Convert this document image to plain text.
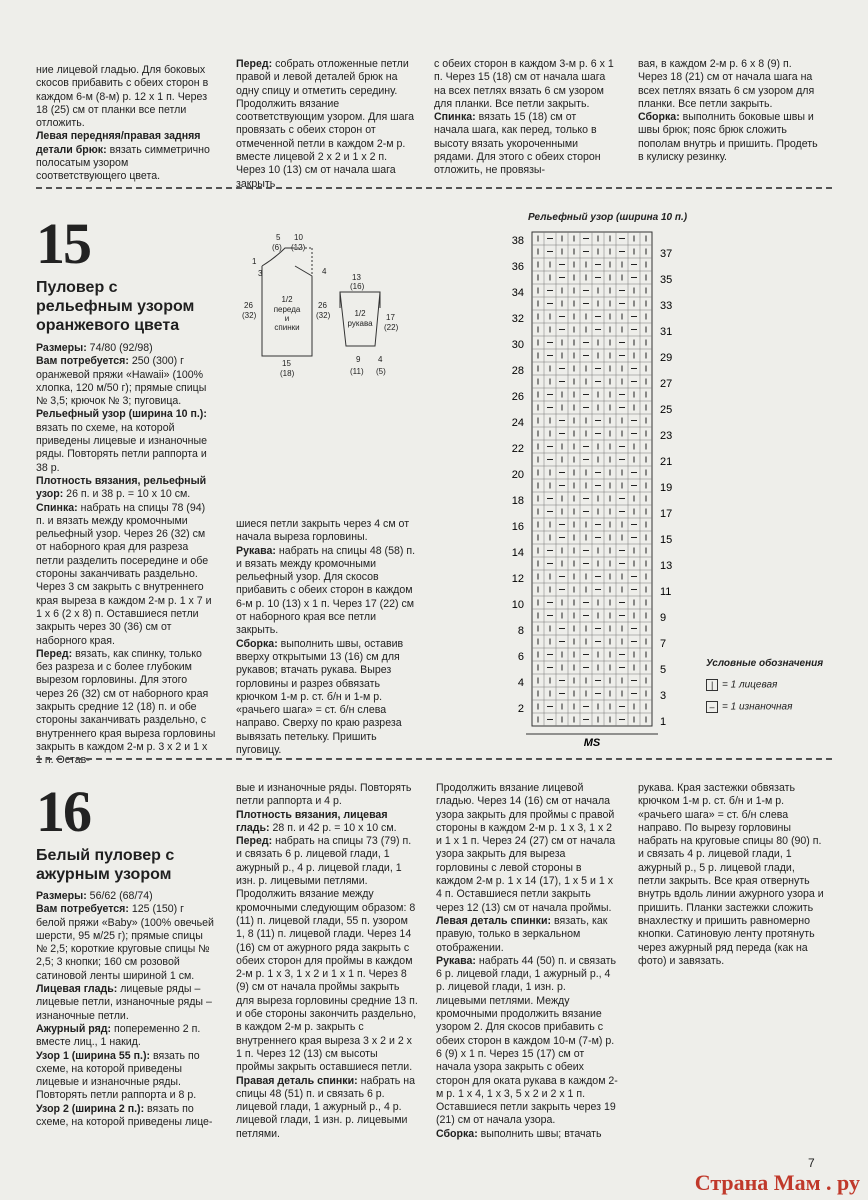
ние лицевой гладью. Для боковых скосов прибавить с обеих сторон в каждом 6-м (8-м) р. 12 х 1 п. Через 18 (25) см от планки все петли отложить.

Левая передняя/правая задняя детали брюк: вязать симметрично полосатым узором соответствующего цвета.

Перед: собрать отложенные петли правой и левой деталей брюк на одну спицу и отметить середину. Продолжить вязание соответствующим узором. Для шага провязать с обеих сторон от отмеченной петли в каждом 2-м р. вместе лицевой 2 х 2 и 1 х 2 п. Через 10 (13) см от начала шага закрыть

с обеих сторон в каждом 3-м р. 6 х 1 п. Через 15 (18) см от начала шага на всех петлях вязать 6 см узором для планки. Все петли закрыть.

Спинка: вязать 15 (18) см от начала шага, как перед, только в высоту вязать укороченными рядами. Для этого с обеих сторон отложить, не провязы-

вая, в каждом 2-м р. 6 х 8 (9) п. Через 18 (21) см от начала шага на всех петлях вязать 6 см узором для планки. Все петли закрыть.

Сборка: выполнить боковые швы и швы брюк; пояс брюк сложить пополам внутрь и пришить. Продеть в кулиску резинку.

15
Пуловер с рельефным узором оранжевого цвета

Размеры: 74/80 (92/98)

Вам потребуется: 250 (300) г оранжевой пряжи «Hawaii» (100% хлопка, 120 м/50 г); прямые спицы № 3,5; крючок № 3; пуговица.

Рельефный узор (ширина 10 п.): вязать по схеме, на которой приведены лицевые и изнаночные ряды. Повторять петли раппорта и 38 р.

Плотность вязания, рельефный узор: 26 п. и 38 р. = 10 х 10 см.

Спинка: набрать на спицы 78 (94) п. и вязать между кромочными рельефный узор. Через 26 (32) см от наборного края для разреза петли разделить посередине и обе стороны заканчивать раздельно. Через 3 см закрыть с внутреннего края выреза в каждом 2-м р. 1 х 7 и 1 х 6 (2 х 8) п. Оставшиеся петли закрыть через 30 (36) см от наборного края.

Перед: вязать, как спинку, только без разреза и с более глубоким вырезом горловины. Для этого через 26 (32) см от наборного края закрыть средние 12 (18) п. и обе стороны заканчивать раздельно, с внутреннего края выреза горловины закрыть в каждом 2-м р. 3 х 2 и 1 х 1 п. Остав-

шиеся петли закрыть через 4 см от начала выреза горловины.

Рукава: набрать на спицы 48 (58) п. и вязать между кромочными рельефный узор. Для скосов прибавить с обеих сторон в каждом 6-м р. 10 (13) х 1 п. Через 17 (22) см от наборного края все петли закрыть.

Сборка: выполнить швы, оставив вверху открытыми 13 (16) см для рукавов; втачать рукава. Вырез горловины и разрез обвязать крючком 1-м р. ст. б/н и 1-м р. «рачьего шага» = ст. б/н слева направо. Сверху по краю разреза вывязать петельку. Пришить пуговицу.

1/2
переда
и
спинки
1/2
рукава
5
(6)
10
(12)
1
3	4
26
(32)
26
(32)
15
(18)
13
(16)
17
(22)
9
(11)
4
(5)
Рельефный узор (ширина 10 п.)
38
36
34
32
30
28
26
24
22
20
18
16
14
12
10
8
6
4
2
37
35
33
31
29
27
25
23
21
19
17
15
13
11
9
7
5
3
1
MS
Условные обозначения
| = 1 лицевая
– = 1 изнаночная
16
Белый пуловер с ажурным узором

Размеры: 56/62 (68/74)

Вам потребуется: 125 (150) г белой пряжи «Baby» (100% овечьей шерсти, 95 м/25 г); прямые спицы № 2,5; короткие круговые спицы № 2,5; 3 кнопки; 160 см розовой сатиновой ленты шириной 1 см.

Лицевая гладь: лицевые ряды – лицевые петли, изнаночные ряды – изнаночные петли.

Ажурный ряд: попеременно 2 п. вместе лиц., 1 накид.

Узор 1 (ширина 55 п.): вязать по схеме, на которой приведены лицевые и изнаночные ряды. Повторять петли раппорта и 8 р.

Узор 2 (ширина 2 п.): вязать по схеме, на которой приведены лице-

вые и изнаночные ряды. Повторять петли раппорта и 4 р.

Плотность вязания, лицевая гладь: 28 п. и 42 р. = 10 х 10 см.

Перед: набрать на спицы 73 (79) п. и связать 6 р. лицевой глади, 1 ажурный р., 4 р. лицевой глади, 1 изн. р. лицевыми петлями. Продолжить вязание между кромочными следующим образом: 8 (11) п. лицевой глади, 55 п. узором 1, 8 (11) п. лицевой глади. Через 14 (16) см от ажурного ряда закрыть с обеих сторон для проймы в каждом 2-м р. 1 х 3, 1 х 2 и 1 х 1 п. Через 8 (9) см от начала проймы закрыть для выреза горловины средние 13 п. и обе стороны закончить раздельно, в каждом 2-м р. закрыть с внутреннего края выреза 3 х 2 и 2 х 1 п. Через 12 (13) см высоты проймы закрыть оставшиеся петли.

Правая деталь спинки: набрать на спицы 48 (51) п. и связать 6 р. лицевой глади, 1 ажурный р., 4 р. лицевой глади, 1 изн. р. лицевыми петлями.

Продолжить вязание лицевой гладью. Через 14 (16) см от начала узора закрыть для проймы с правой стороны в каждом 2-м р. 1 х 3, 1 х 2 и 1 х 1 п. Через 24 (27) см от начала узора закрыть для выреза горловины с левой стороны в каждом 2-м р. 1 х 14 (17), 1 х 5 и 1 х 4 п. Оставшиеся петли закрыть через 12 (13) см от начала проймы.

Левая деталь спинки: вязать, как правую, только в зеркальном отображении.

Рукава: набрать 44 (50) п. и связать 6 р. лицевой глади, 1 ажурный р., 4 р. лицевой глади, 1 изн. р. лицевыми петлями. Между кромочными продолжить вязание узором 2. Для скосов прибавить с обеих сторон в каждом 10-м (7-м) р. 6 (9) х 1 п. Через 15 (17) см от начала узора закрыть с обеих сторон для оката рукава в каждом 2-м р. 1 х 4, 1 х 3, 5 х 2 и 2 х 1 п. Оставшиеся петли закрыть через 19 (21) см от начала узора.

Сборка: выполнить швы; втачать

рукава. Края застежки обвязать крючком 1-м р. ст. б/н и 1-м р. «рачьего шага» = ст. б/н слева направо. По вырезу горловины набрать на круговые спицы 80 (90) п. и связать 4 р. лицевой глади, 1 ажурный р., 5 р. лицевой глади, петли закрыть. Все края отвернуть внутрь вдоль линии ажурного узора и пришить. Планки застежки сложить внахлестку и пришить равномерно кнопки. Сатиновую ленту протянуть через ажурный ряд переда (как на фото) и завязать.

7
Страна Мам . ру
